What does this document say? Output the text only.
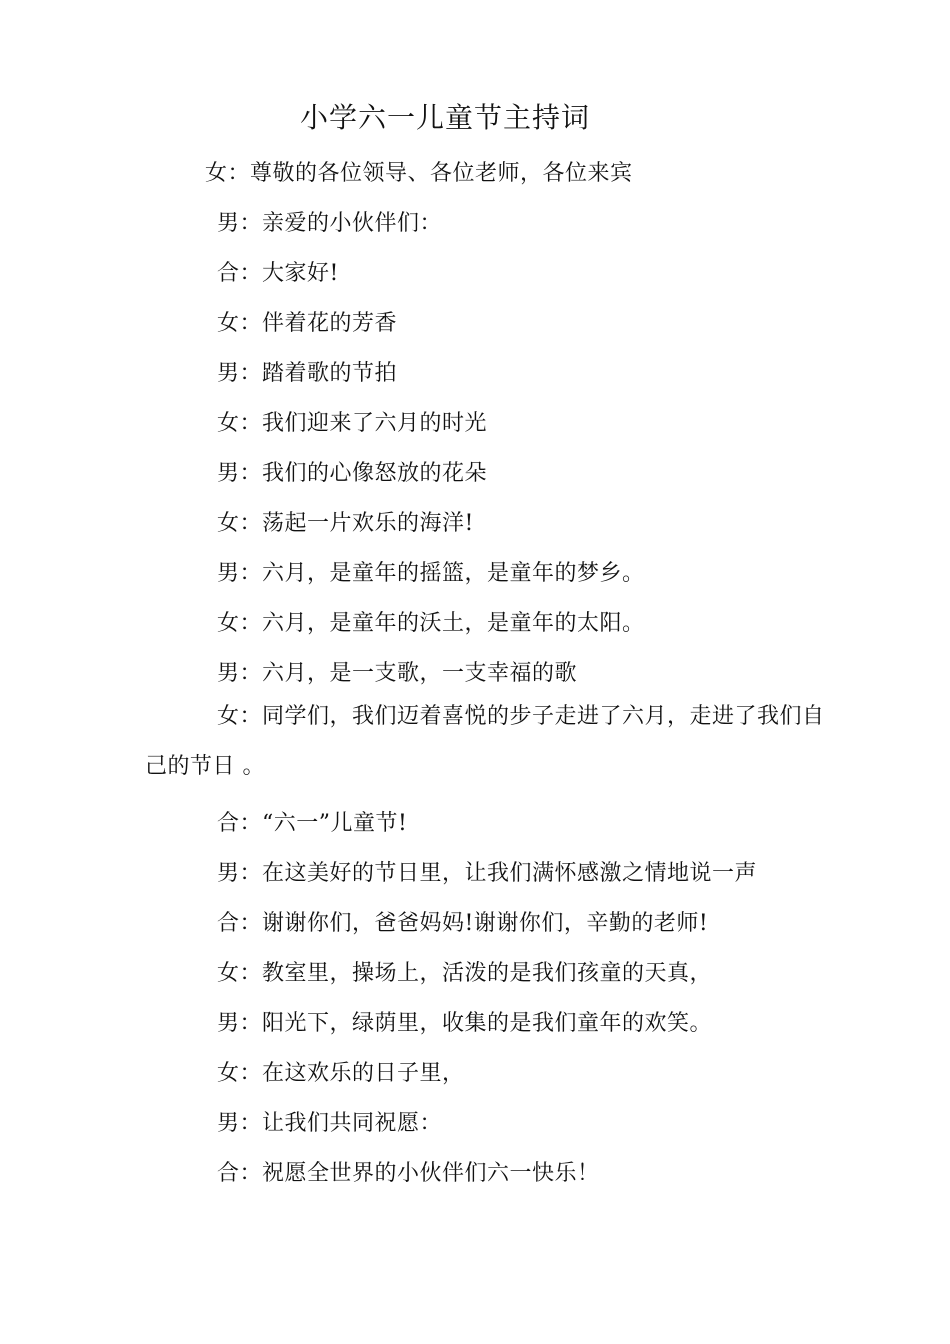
小学六一儿童节主持词
女：尊敬的各位领导、各位老师，各位来宾
男：亲爱的小伙伴们：
合：大家好!
女：伴着花的芳香
男：踏着歌的节拍
女：我们迎来了六月的时光
男：我们的心像怒放的花朵
女：荡起一片欢乐的海洋!
男：六月，是童年的摇篮，是童年的梦乡。
女：六月，是童年的沃土，是童年的太阳。
男：六月，是一支歌，一支幸福的歌
女：同学们，我们迈着喜悦的步子走进了六月，走进了我们自己的节日 。
合：“六一”儿童节!
男：在这美好的节日里，让我们满怀感激之情地说一声
合：谢谢你们，爸爸妈妈!谢谢你们，辛勤的老师!
女：教室里，操场上，活泼的是我们孩童的天真，
男：阳光下，绿荫里，收集的是我们童年的欢笑。
女：在这欢乐的日子里，
男：让我们共同祝愿：
合：祝愿全世界的小伙伴们六一快乐！
